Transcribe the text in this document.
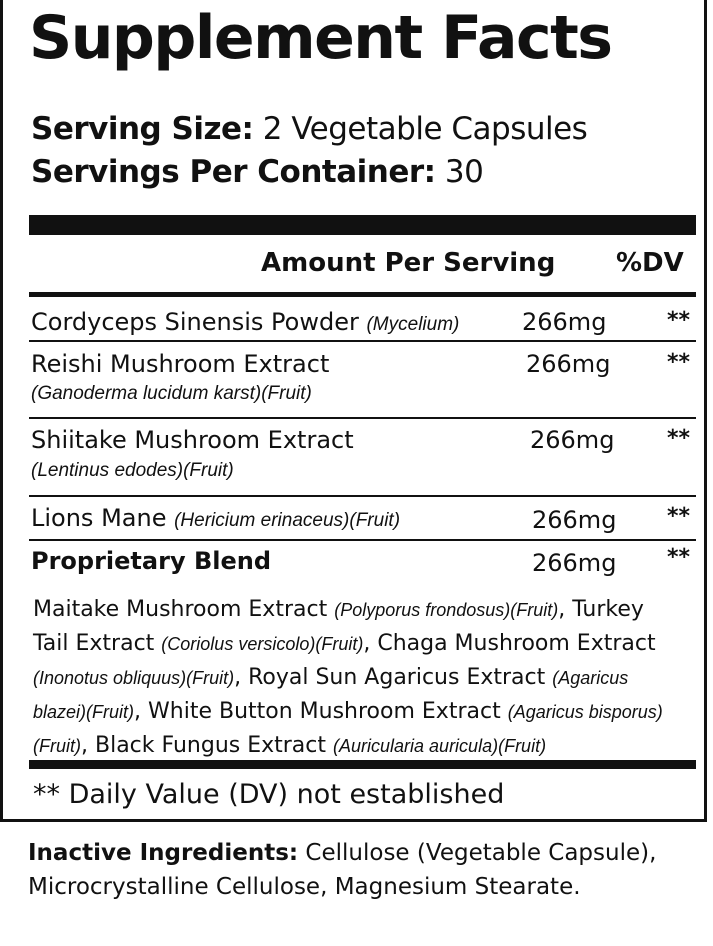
Supplement Facts
Serving Size: 2 Vegetable Capsules
Servings Per Container: 30
Amount Per Serving %DV
Cordyceps Sinensis Powder (Mycelium)	266mg	**
Reishi Mushroom Extract
(Ganoderma lucidum karst)(Fruit)
266mg	**
Shiitake Mushroom Extract
(Lentinus edodes)(Fruit)
266mg **
Lions Mane (Hericium erinaceus)(Fruit)	266mg **
Proprietary Blend	266mg **
Maitake Mushroom Extract (Polyporus frondosus)(Fruit), Turkey Tail Extract (Coriolus versicolo)(Fruit), Chaga Mushroom Extract (Inonotus obliquus)(Fruit), Royal Sun Agaricus Extract (Agaricus blazei)(Fruit), White Button Mushroom Extract (Agaricus bisporus)(Fruit), Black Fungus Extract (Auricularia auricula)(Fruit)
** Daily Value (DV) not established
Inactive Ingredients: Cellulose (Vegetable Capsule), Microcrystalline Cellulose, Magnesium Stearate.
